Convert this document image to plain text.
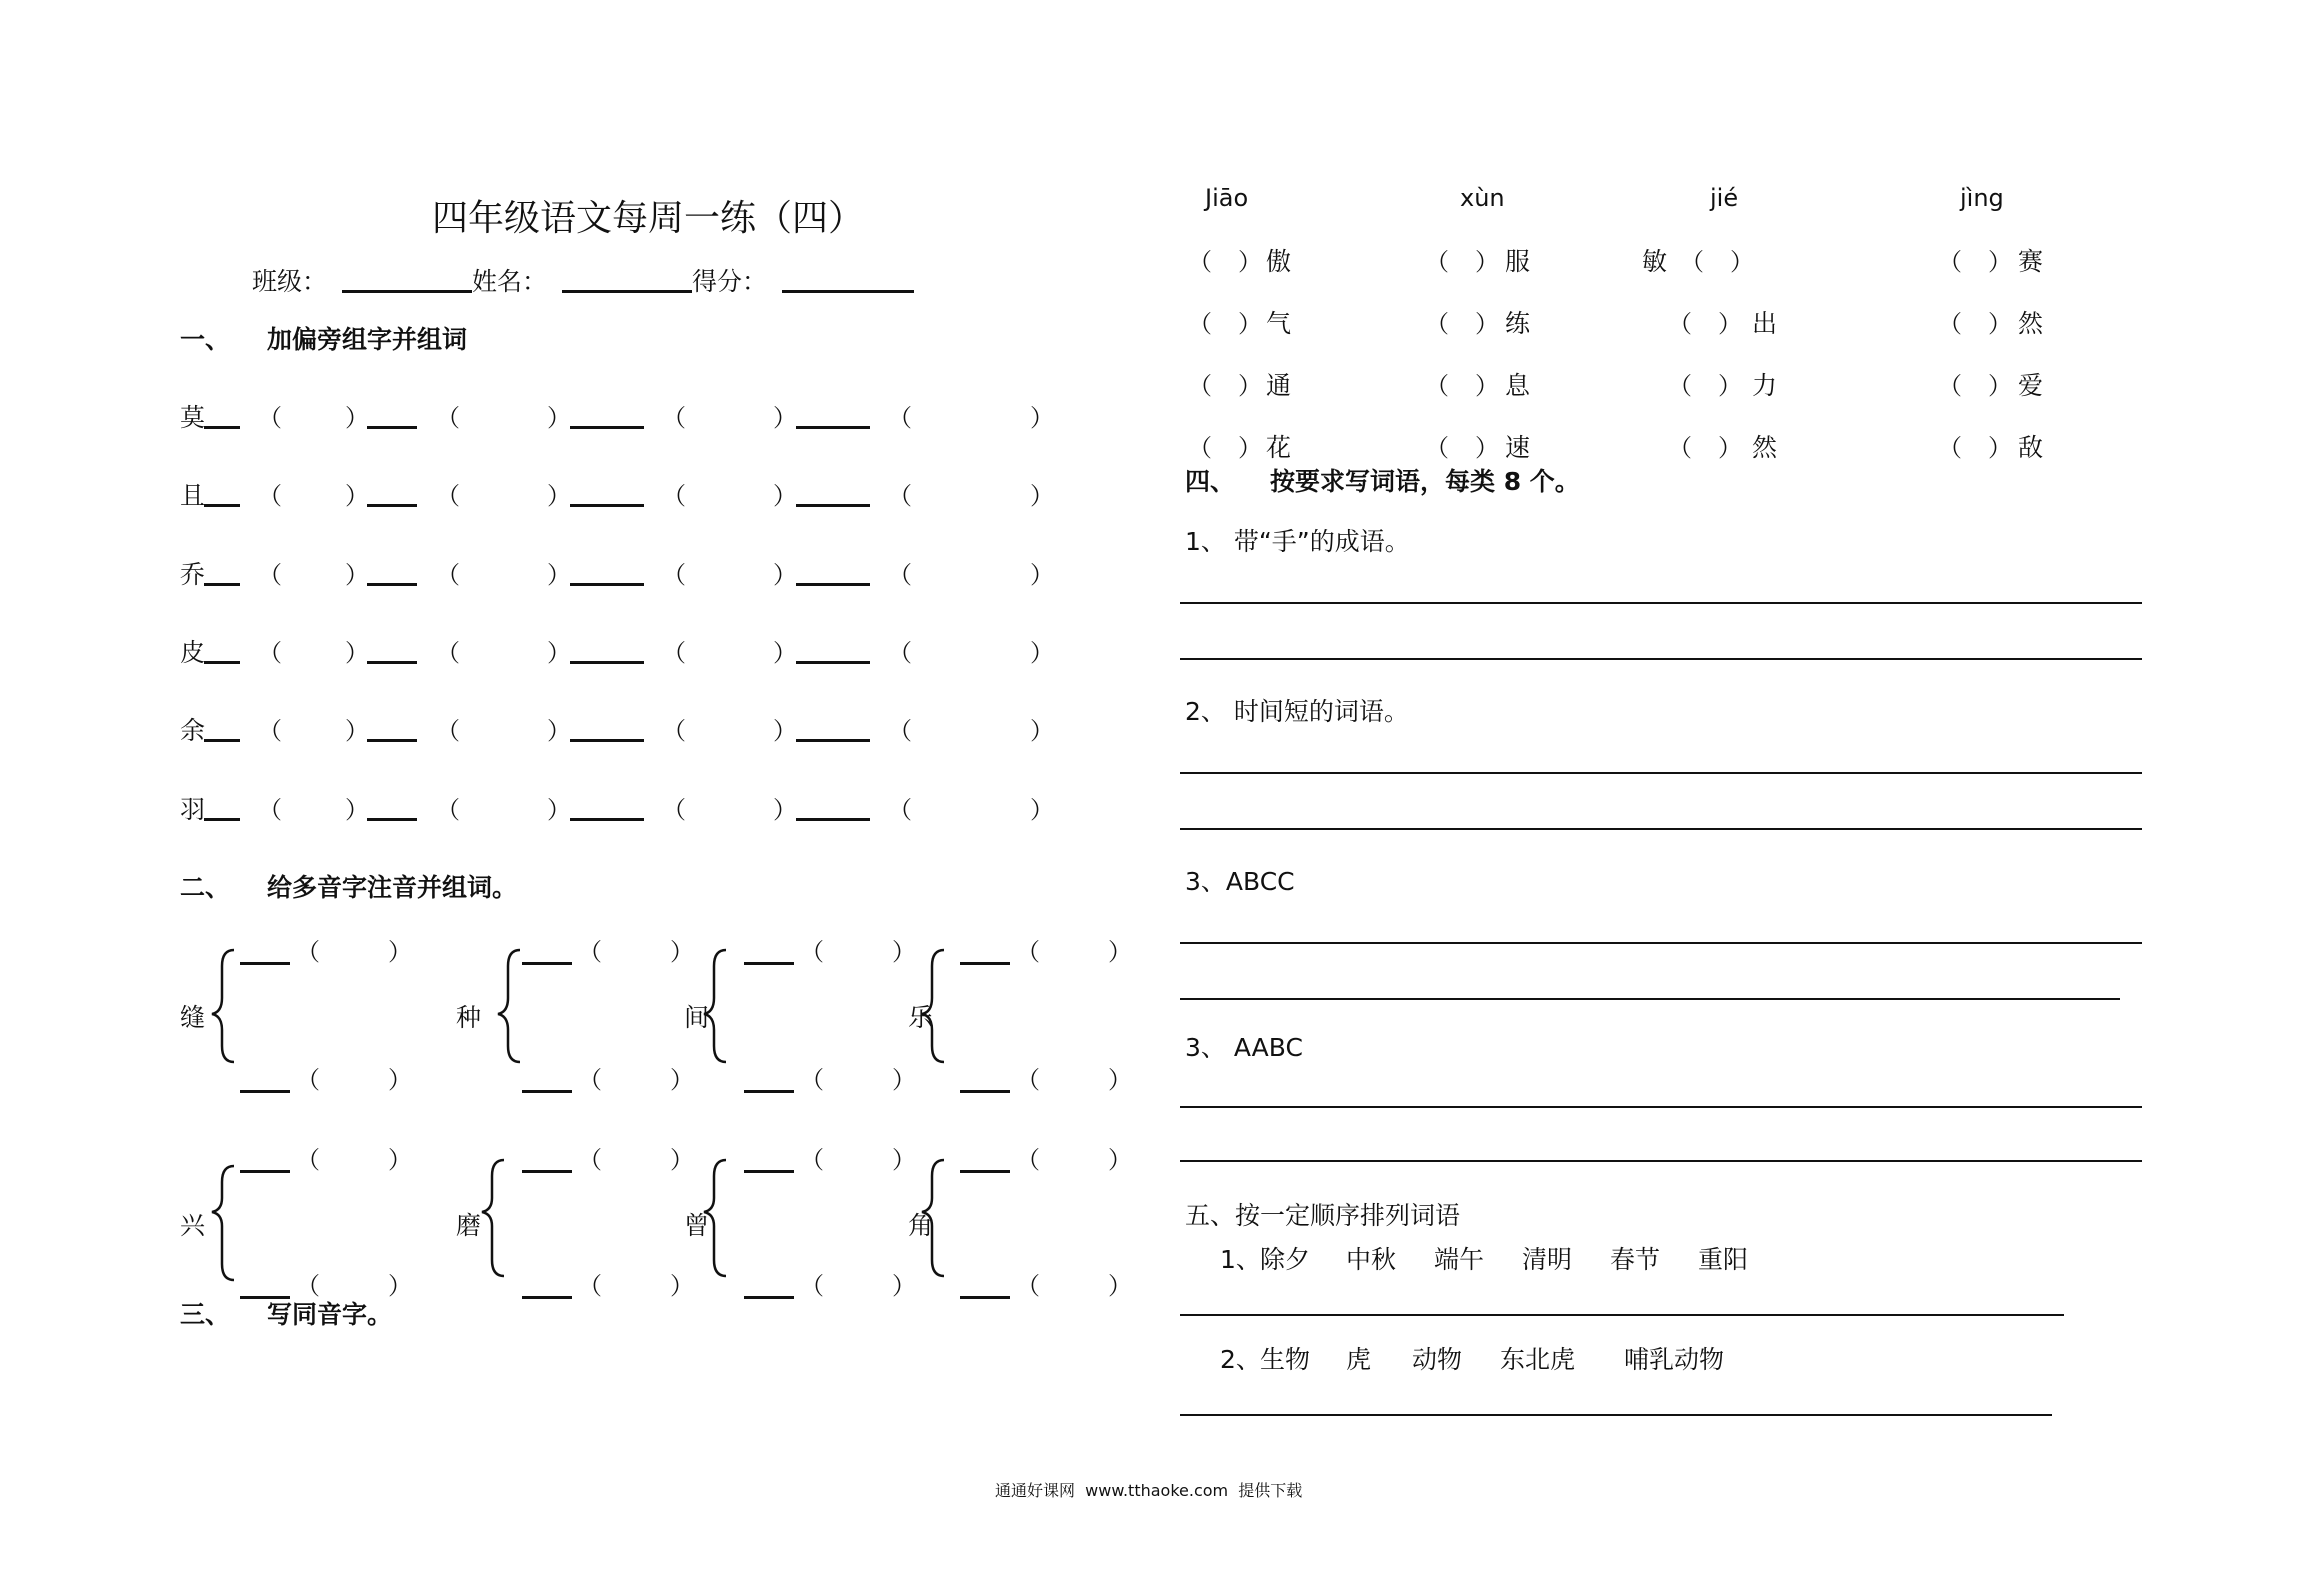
四年级语文每周一练（四）
班级：	姓名：	得分：
一、 加偏旁组字并组词
莫 （	）	（	）	（	）	（	）
且 （	）	（	）	（	）	（	）
乔 （	）	（	）	（	）	（	）
皮 （	）	（	）	（	）	（	）
余 （	）	（	）	（	）	（	）
羽 （	）	（	）	（	）	（	）
二、 给多音字注音并组词。
缝
（	）
（	）
种
（	）
（	）
间
（	）
（	）
乐
（	）
（	）
兴
（	）
（	）
磨
（	）
（	）
曾
（	）
（	）
角
（	）
（	）
三、 写同音字。
Jiāo	xùn	jié	jìng
（ ） 傲	（ ） 服	敏 （ ）	（ ） 赛
（ ） 气	（ ） 练	（ ） 出	（ ） 然
（ ） 通	（ ） 息	（ ） 力	（ ） 爱
（ ） 花	（ ） 速	（ ） 然	（ ） 敌
四、 按要求写词语，每类 8 个。
1、 带“手”的成语。
2、 时间短的词语。
3、ABCC
3、 AABC
五、按一定顺序排列词语
1、 除夕 中秋 端午 清明 春节 重阳
2、 生物 虎 动物 东北虎 哺乳动物
通通好课网  www.tthaoke.com  提供下载
